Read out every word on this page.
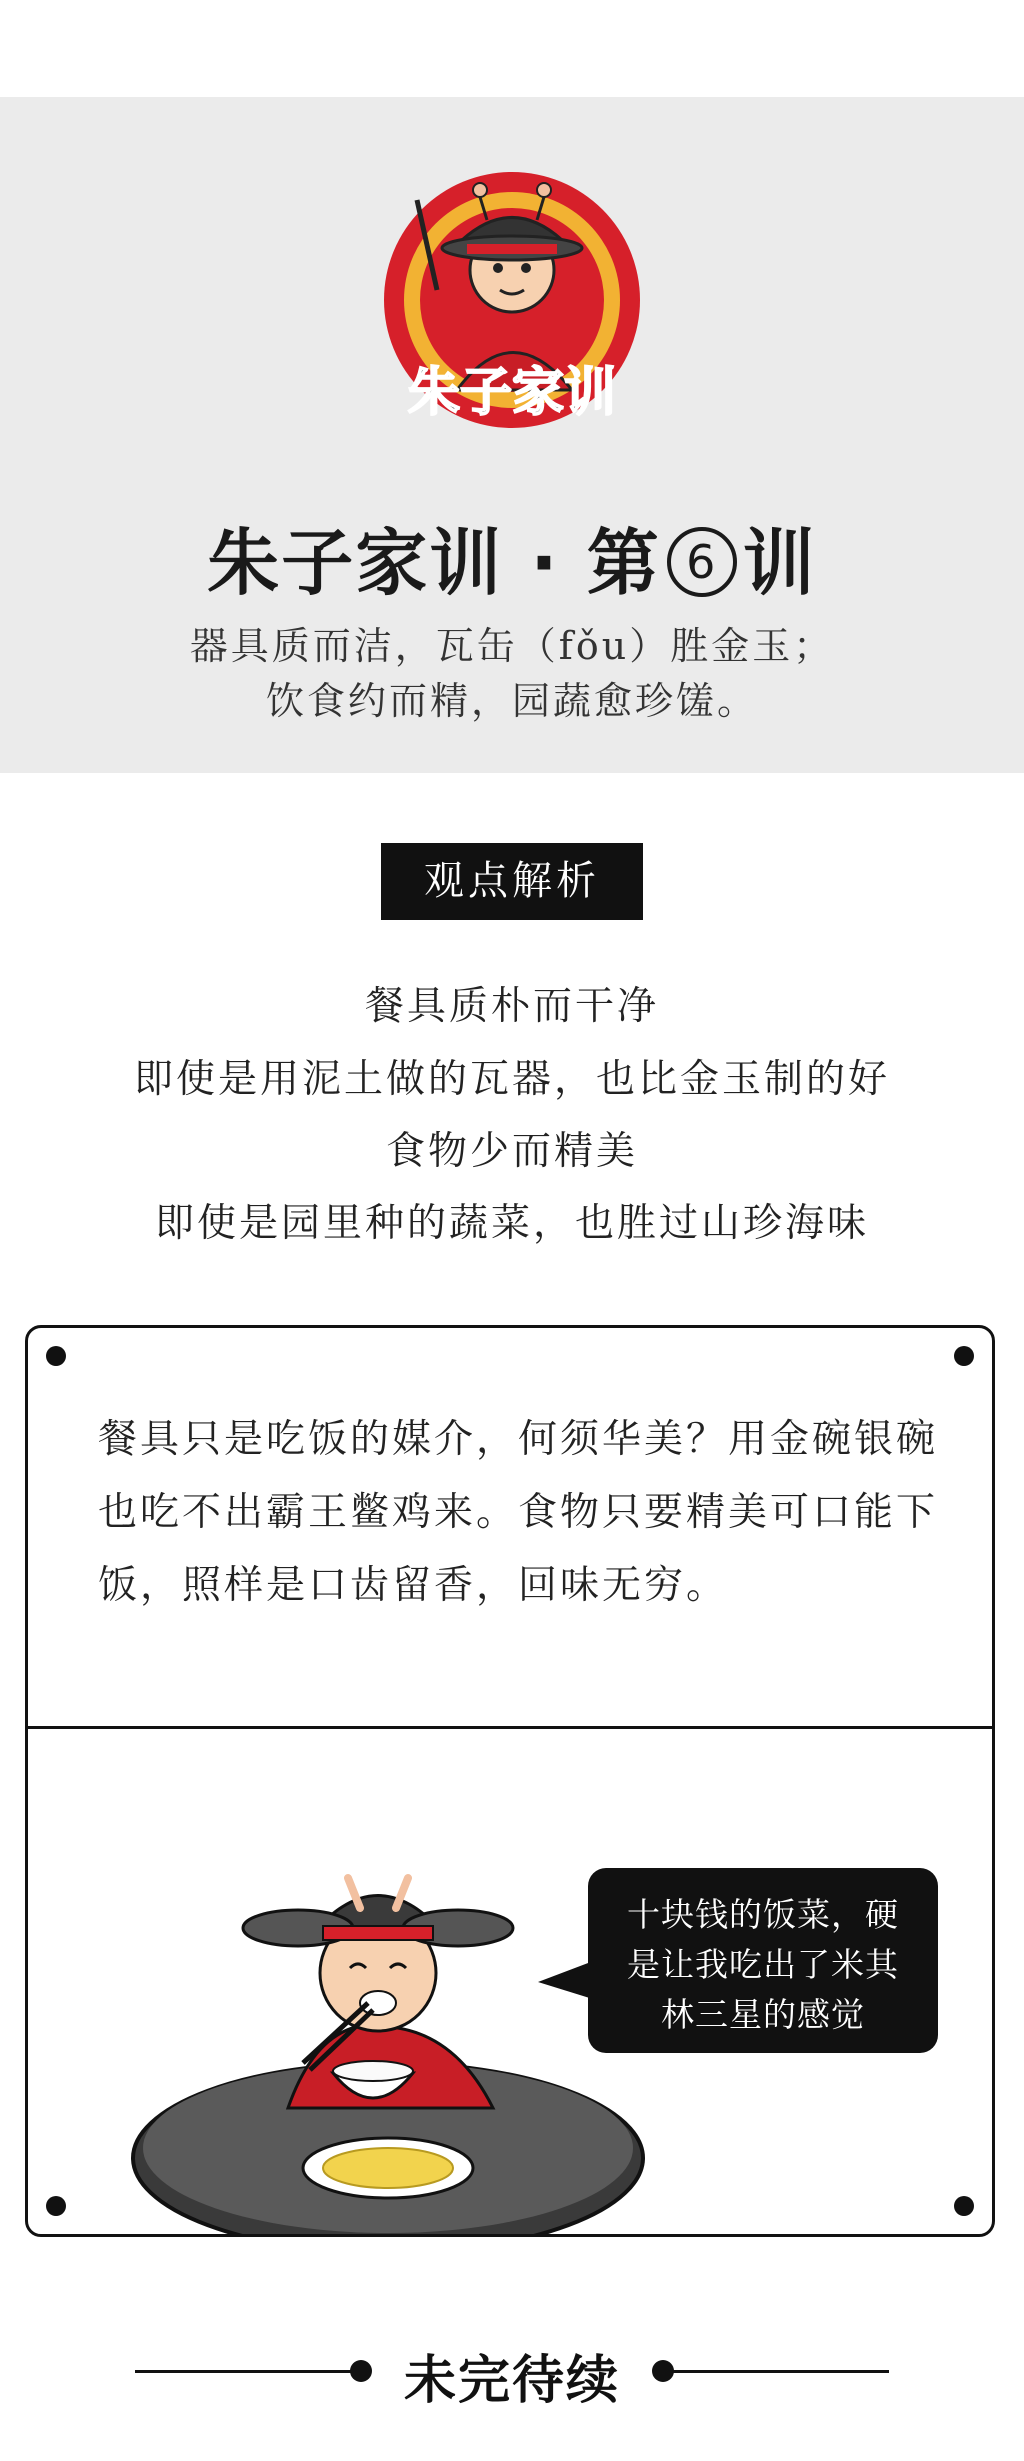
朱子家训
朱子家训 · 第 6 训
器具质而洁，瓦缶（fǒu）胜金玉；
饮食约而精，园蔬愈珍馐。
观点解析
餐具质朴而干净
即使是用泥土做的瓦器，也比金玉制的好
食物少而精美
即使是园里种的蔬菜，也胜过山珍海味
餐具只是吃饭的媒介，何须华美？用金碗银碗也吃不出霸王鳖鸡来。食物只要精美可口能下饭，照样是口齿留香，回味无穷。
十块钱的饭菜，硬
是让我吃出了米其
林三星的感觉
未完待续
